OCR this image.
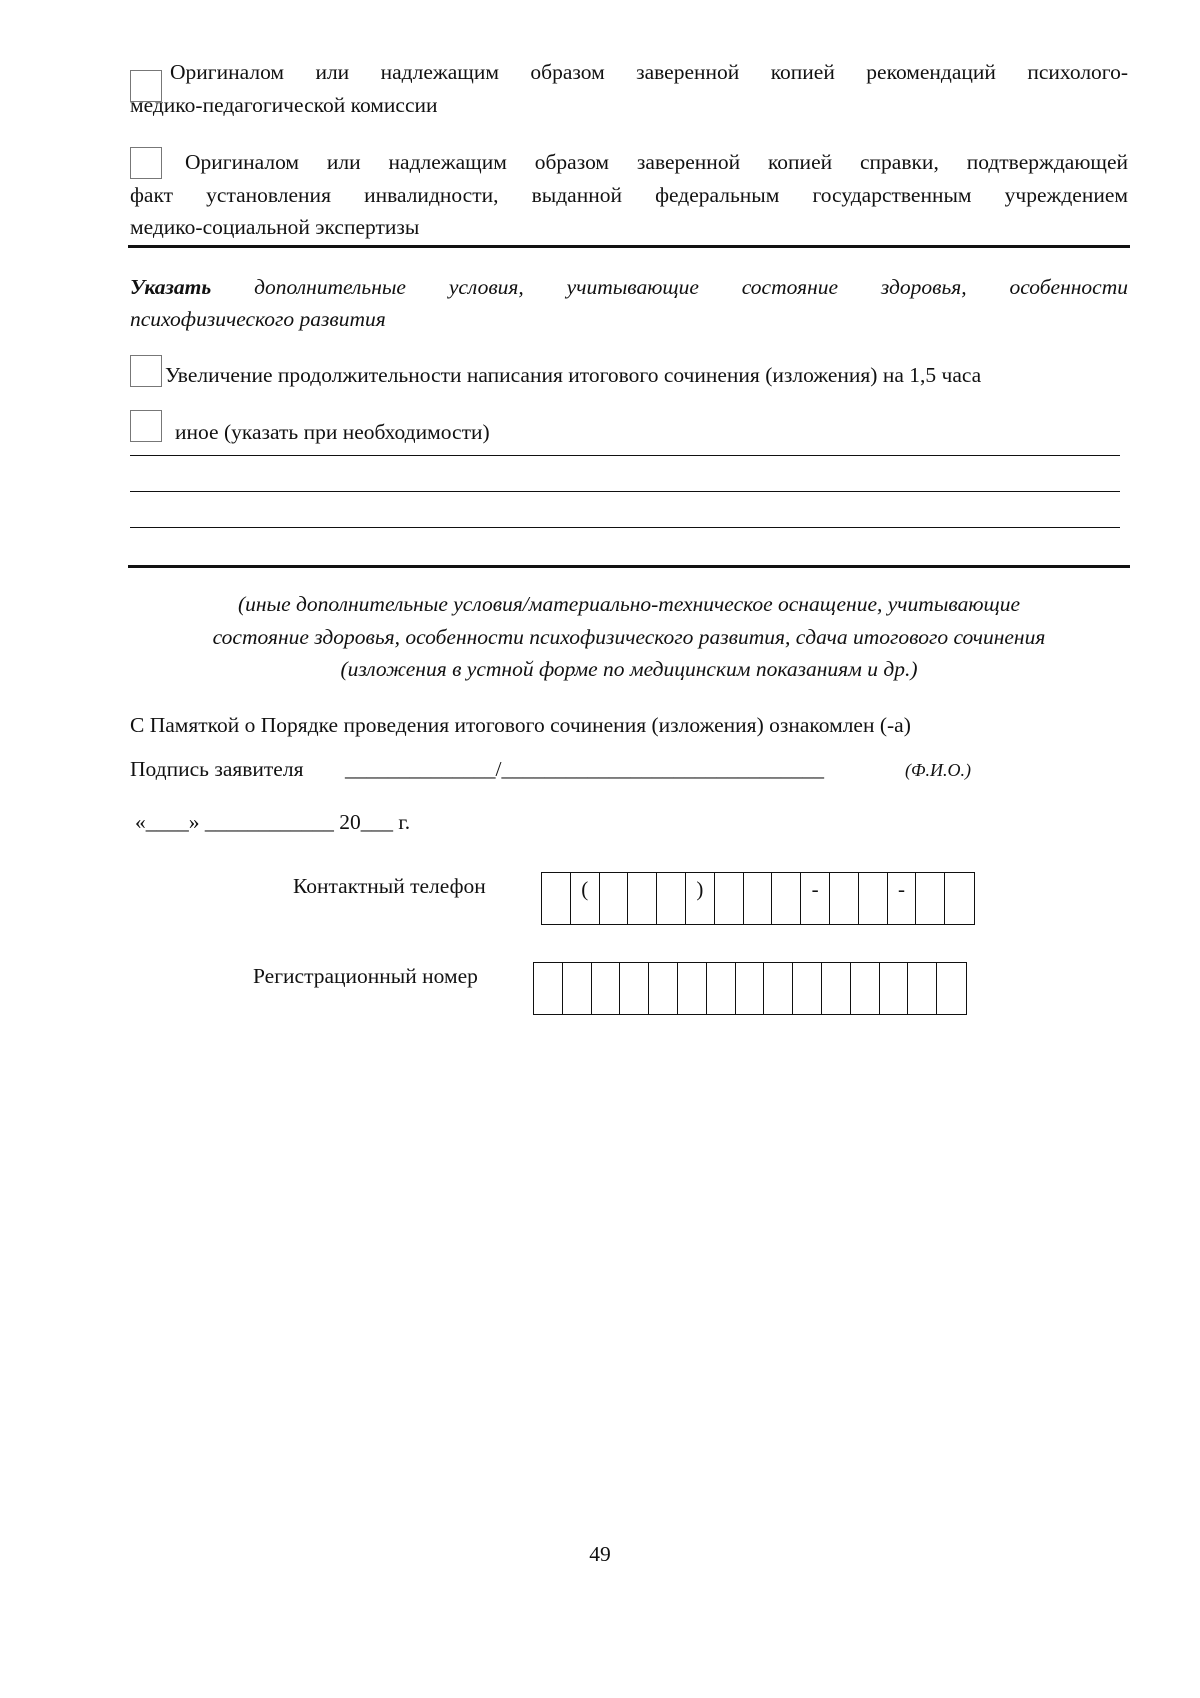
Оригиналом или надлежащим образом заверенной копией рекомендаций психолого-
медико-педагогической комиссии
Оригиналом или надлежащим образом заверенной копией справки, подтверждающей
факт установления инвалидности, выданной федеральным государственным учреждением
медико-социальной экспертизы
Указать дополнительные условия, учитывающие состояние здоровья, особенности
психофизического развития
Увеличение продолжительности написания итогового сочинения (изложения) на 1,5 часа
иное (указать при необходимости)
(иные дополнительные условия/материально-техническое оснащение, учитывающие
состояние здоровья, особенности психофизического развития, сдача итогового сочинения
(изложения в устной форме по медицинским показаниям и др.)
С Памяткой о Порядке проведения итогового сочинения (изложения) ознакомлен (-а)
Подпись заявителя ______________/______________________________	(Ф.И.О.)
«____» ____________ 20___ г.
Контактный телефон	(	)	-	-
Регистрационный номер
49
